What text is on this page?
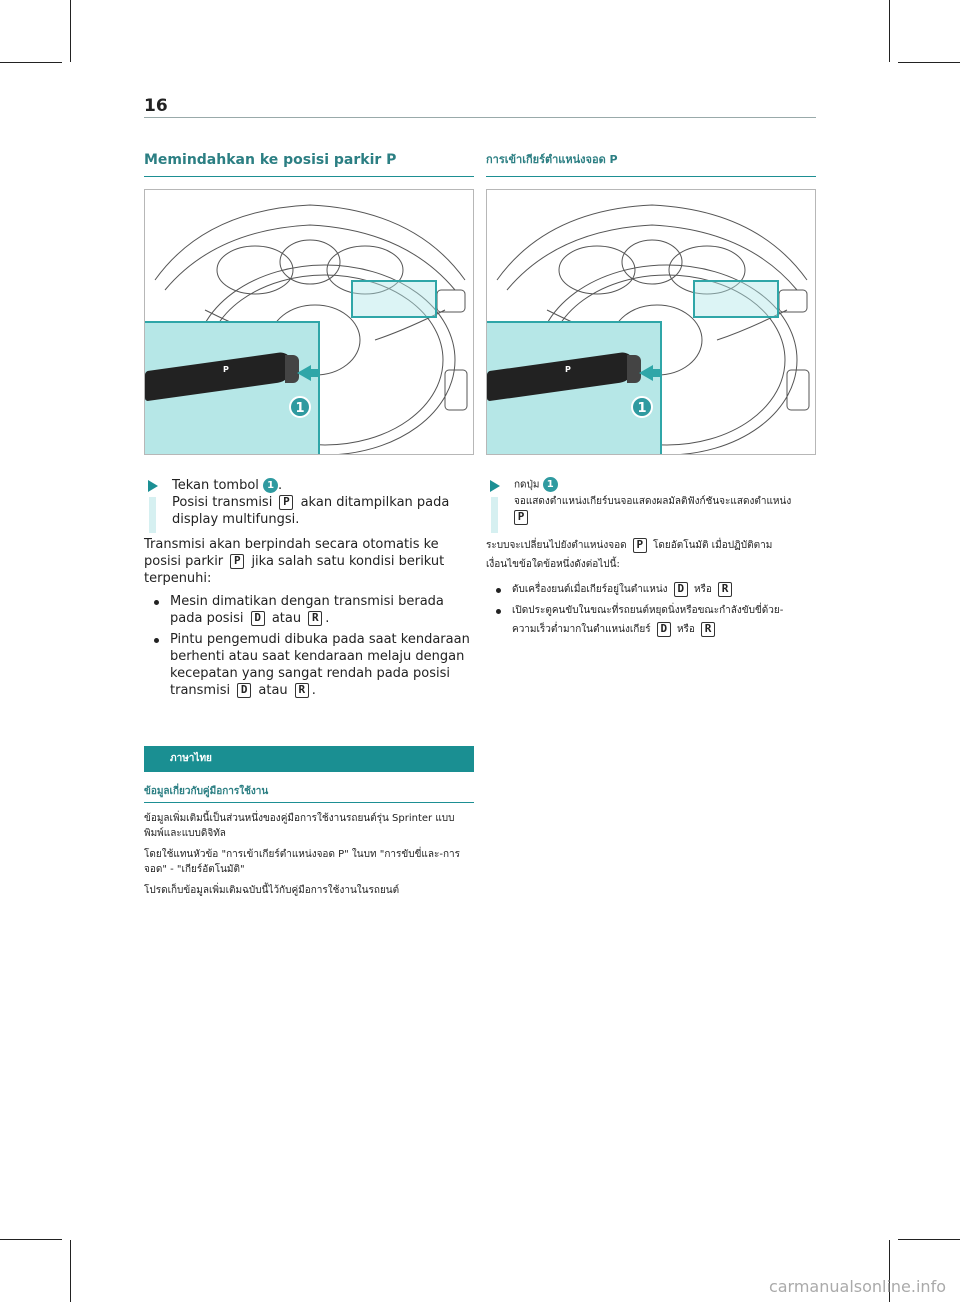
16
Memindahkan ke posisi parkir P
P
1
Tekan tombol 1 .
Posisi transmisi P akan ditampilkan pada display multifungsi.
Transmisi akan berpindah secara otomatis ke posisi parkir P jika salah satu kondisi berikut terpenuhi:
Mesin dimatikan dengan transmisi berada pada posisi D atau R .
Pintu pengemudi dibuka pada saat kendaraan berhenti atau saat kendaraan melaju dengan kecepatan yang sangat rendah pada posisi transmisi D atau R .
ภาษาไทย
ข้อมูลเกี่ยวกับคู่มือการใช้งาน

ข้อมูลเพิ่มเติมนี้เป็นส่วนหนึ่งของคู่มือการใช้งานรถยนต์รุ่น Sprinter แบบพิมพ์และแบบดิจิทัล

โดยใช้แทนหัวข้อ "การเข้าเกียร์ตำแหน่งจอด P" ในบท "การขับขี่และ-การจอด" - "เกียร์อัตโนมัติ"

โปรดเก็บข้อมูลเพิ่มเติมฉบับนี้ไว้กับคู่มือการใช้งานในรถยนต์

การเข้าเกียร์ตำแหน่งจอด P
P
1
กดปุ่ม 1
จอแสดงตำแหน่งเกียร์บนจอแสดงผลมัลติฟังก์ชันจะแสดงตำแหน่ง
P
ระบบจะเปลี่ยนไปยังตำแหน่งจอด P โดยอัตโนมัติ เมื่อปฏิบัติตาม
เงื่อนไขข้อใดข้อหนึ่งดังต่อไปนี้:
ดับเครื่องยนต์เมื่อเกียร์อยู่ในตำแหน่ง D หรือ R
เปิดประตูคนขับในขณะที่รถยนต์หยุดนิ่งหรือขณะกำลังขับขี่ด้วย-
ความเร็วต่ำมากในตำแหน่งเกียร์ D หรือ R
carmanualsonline.info
